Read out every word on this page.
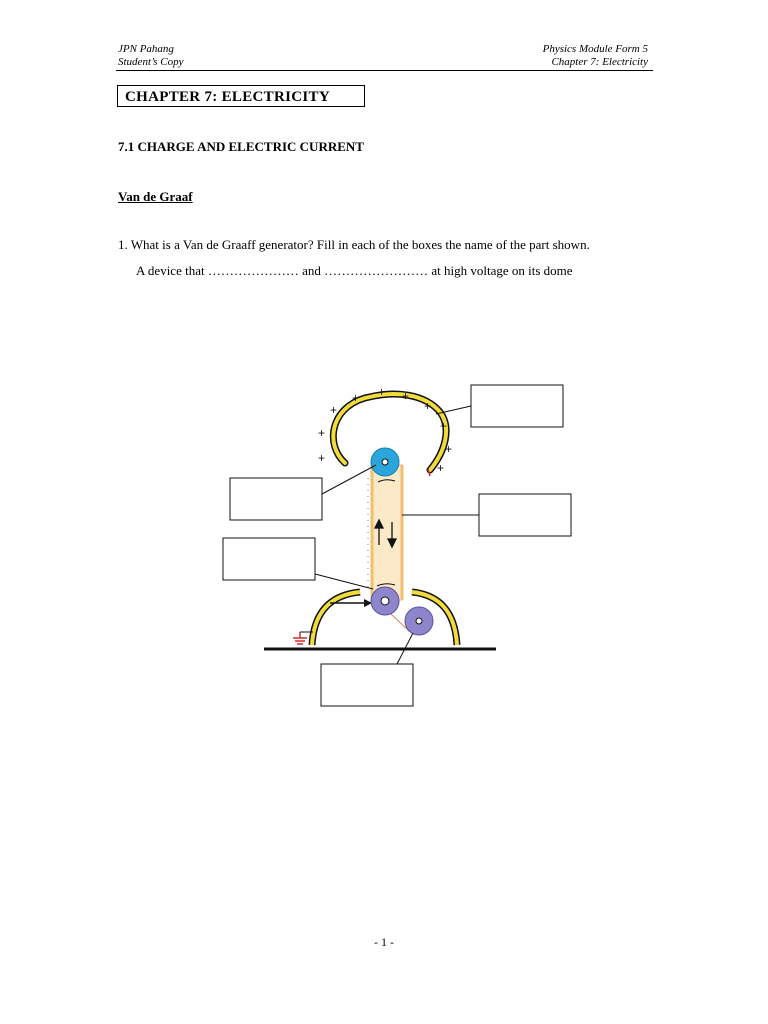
JPN Pahang
Student’s Copy
Physics Module Form 5
Chapter 7: Electricity
CHAPTER 7: ELECTRICITY
7.1 CHARGE AND ELECTRIC CURRENT
Van de Graaf
1. What is a Van de Graaff generator? Fill in each of the boxes the name of the part shown.
A device that ………………… and …………………… at high voltage on its dome
+
+
+ + +
+
+
+
+
+
- 1 -
